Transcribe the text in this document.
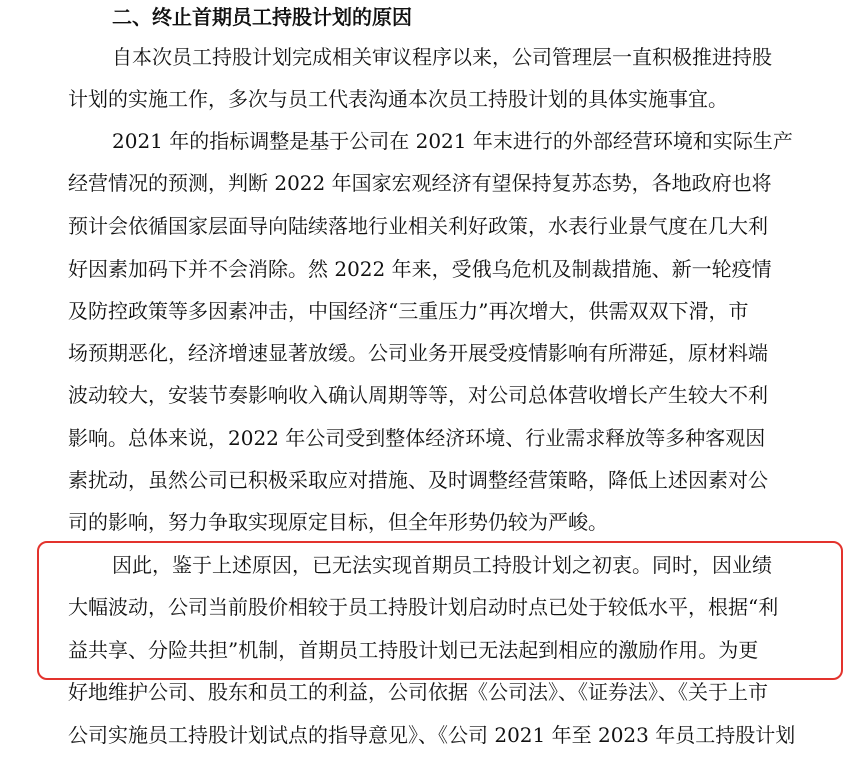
二、终止首期员工持股计划的原因
自本次员工持股计划完成相关审议程序以来，公司管理层一直积极推进持股
计划的实施工作，多次与员工代表沟通本次员工持股计划的具体实施事宜。
2021 年的指标调整是基于公司在 2021 年末进行的外部经营环境和实际生产
经营情况的预测，判断 2022 年国家宏观经济有望保持复苏态势，各地政府也将
预计会依循国家层面导向陆续落地行业相关利好政策，水表行业景气度在几大利
好因素加码下并不会消除。然 2022 年来，受俄乌危机及制裁措施、新一轮疫情
及防控政策等多因素冲击，中国经济“三重压力”再次增大，供需双双下滑，市
场预期恶化，经济增速显著放缓。公司业务开展受疫情影响有所滞延，原材料端
波动较大，安装节奏影响收入确认周期等等，对公司总体营收增长产生较大不利
影响。总体来说，2022 年公司受到整体经济环境、行业需求释放等多种客观因
素扰动，虽然公司已积极采取应对措施、及时调整经营策略，降低上述因素对公
司的影响，努力争取实现原定目标，但全年形势仍较为严峻。
因此，鉴于上述原因，已无法实现首期员工持股计划之初衷。同时，因业绩
大幅波动，公司当前股价相较于员工持股计划启动时点已处于较低水平，根据“利
益共享、分险共担”机制，首期员工持股计划已无法起到相应的激励作用。为更
好地维护公司、股东和员工的利益，公司依据《公司法》、《证券法》、《关于上市
公司实施员工持股计划试点的指导意见》、《公司 2021 年至 2023 年员工持股计划
